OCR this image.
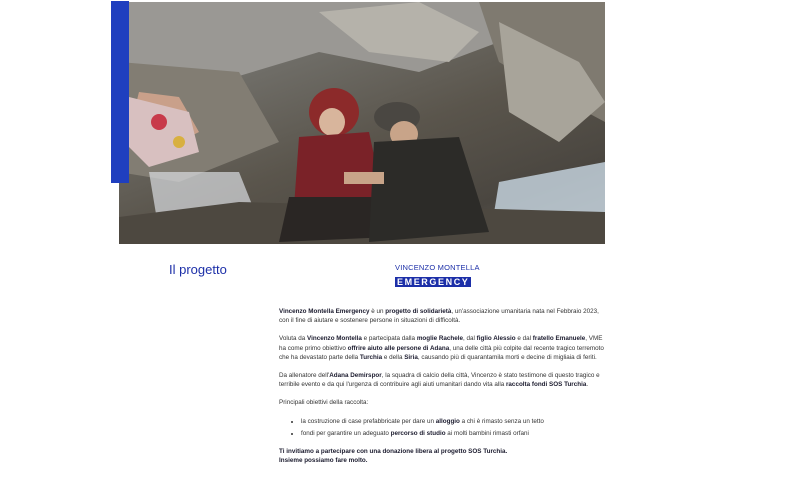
Il progetto	VINCENZO MONTELLA
EMERGENCY

Vincenzo Montella Emergency è un progetto di solidarietà, un'associazione umanitaria nata nel Febbraio 2023, con il fine di aiutare e sostenere persone in situazioni di difficoltà.

Voluta da Vincenzo Montella e partecipata dalla moglie Rachele, dal figlio Alessio e dal fratello Emanuele, VME ha come primo obiettivo offrire aiuto alle persone di Adana, una delle città più colpite dal recente tragico terremoto che ha devastato parte della Turchia e della Siria, causando più di quarantamila morti e decine di migliaia di feriti.

Da allenatore dell'Adana Demirspor, la squadra di calcio della città, Vincenzo è stato testimone di questo tragico e terribile evento e da qui l'urgenza di contribuire agli aiuti umanitari dando vita alla raccolta fondi SOS Turchia.

Principali obiettivi della raccolta:

• la costruzione di case prefabbricate per dare un alloggio a chi è rimasto senza un tetto
• fondi per garantire un adeguato percorso di studio ai molti bambini rimasti orfani
Ti invitiamo a partecipare con una donazione libera al progetto SOS Turchia.
Insieme possiamo fare molto.
